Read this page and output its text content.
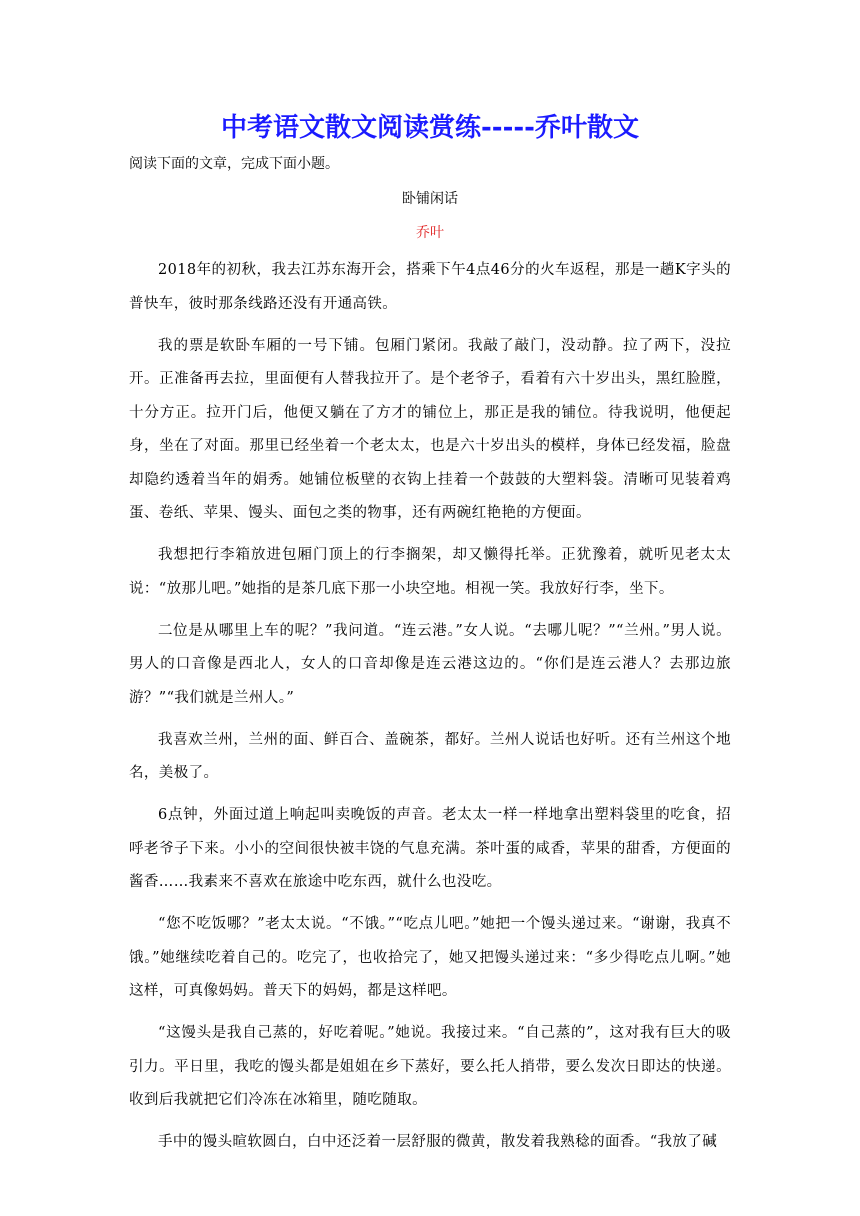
中考语文散文阅读赏练-----乔叶散文

阅读下面的文章，完成下面小题。

卧铺闲话

乔叶

2018年的初秋，我去江苏东海开会，搭乘下午4点46分的火车返程，那是一趟K字头的普快车，彼时那条线路还没有开通高铁。

我的票是软卧车厢的一号下铺。包厢门紧闭。我敲了敲门，没动静。拉了两下，没拉开。正准备再去拉，里面便有人替我拉开了。是个老爷子，看着有六十岁出头，黑红脸膛，十分方正。拉开门后，他便又躺在了方才的铺位上，那正是我的铺位。待我说明，他便起身，坐在了对面。那里已经坐着一个老太太，也是六十岁出头的模样，身体已经发福，脸盘却隐约透着当年的娟秀。她铺位板壁的衣钩上挂着一个鼓鼓的大塑料袋。清晰可见装着鸡蛋、卷纸、苹果、馒头、面包之类的物事，还有两碗红艳艳的方便面。

我想把行李箱放进包厢门顶上的行李搁架，却又懒得托举。正犹豫着，就听见老太太说：“放那儿吧。”她指的是茶几底下那一小块空地。相视一笑。我放好行李，坐下。

二位是从哪里上车的呢？”我问道。“连云港。”女人说。“去哪儿呢？”“兰州。”男人说。男人的口音像是西北人，女人的口音却像是连云港这边的。“你们是连云港人？去那边旅游？”“我们就是兰州人。”

我喜欢兰州，兰州的面、鲜百合、盖碗茶，都好。兰州人说话也好听。还有兰州这个地名，美极了。

6点钟，外面过道上响起叫卖晚饭的声音。老太太一样一样地拿出塑料袋里的吃食，招呼老爷子下来。小小的空间很快被丰饶的气息充满。茶叶蛋的咸香，苹果的甜香，方便面的酱香……我素来不喜欢在旅途中吃东西，就什么也没吃。

“您不吃饭哪？”老太太说。“不饿。”“吃点儿吧。”她把一个馒头递过来。“谢谢，我真不饿。”她继续吃着自己的。吃完了，也收拾完了，她又把馒头递过来：“多少得吃点儿啊。”她这样，可真像妈妈。普天下的妈妈，都是这样吧。

“这馒头是我自己蒸的，好吃着呢。”她说。我接过来。“自己蒸的”，这对我有巨大的吸引力。平日里，我吃的馒头都是姐姐在乡下蒸好，要么托人捎带，要么发次日即达的快递。收到后我就把它们冷冻在冰箱里，随吃随取。

手中的馒头暄软圆白，白中还泛着一层舒服的微黄，散发着我熟稔的面香。“我放了碱
